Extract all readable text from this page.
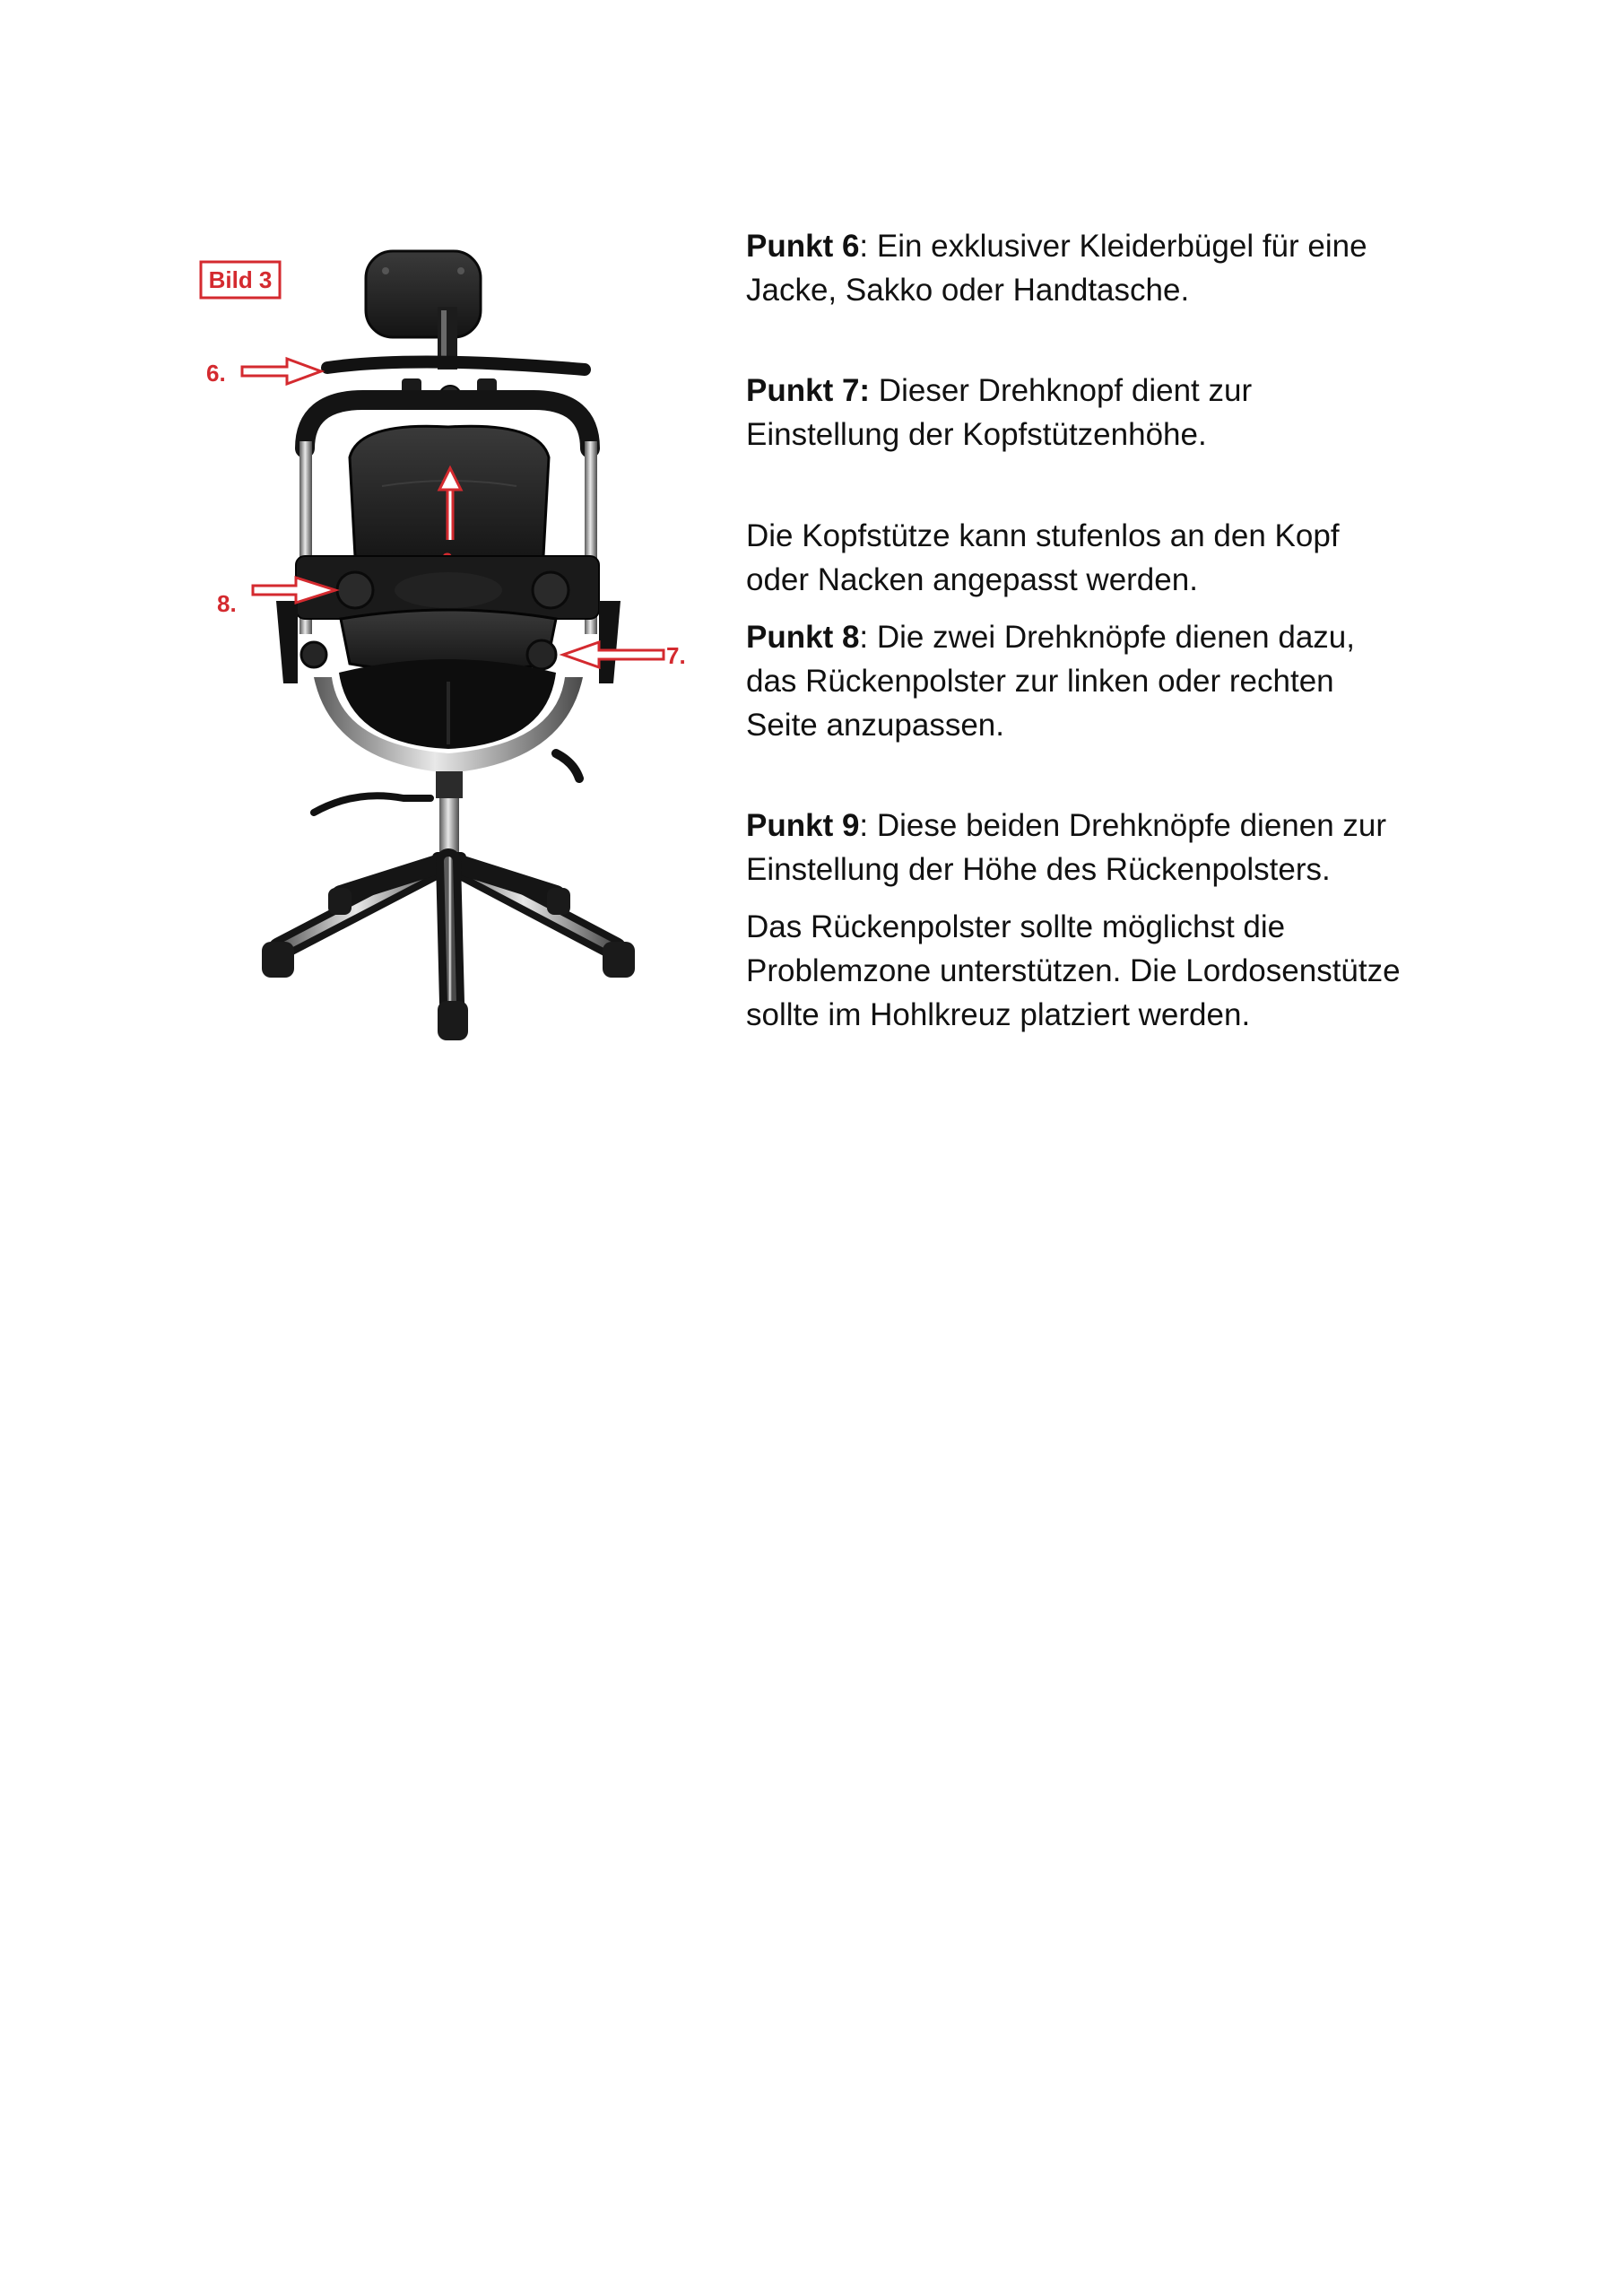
Bild 3
6.
8.
7.

Punkt 6: Ein exklusiver Kleiderbügel für eine
Jacke, Sakko oder Handtasche.

Punkt 7: Dieser Drehknopf dient zur
Einstellung der Kopfstützenhöhe.

Die Kopfstütze kann stufenlos an den Kopf
oder Nacken angepasst werden.

Punkt 8: Die zwei Drehknöpfe dienen dazu,
das Rückenpolster zur linken oder rechten
Seite anzupassen.

Punkt 9: Diese beiden Drehknöpfe dienen zur
Einstellung der Höhe des Rückenpolsters.

Das Rückenpolster sollte möglichst die
Problemzone unterstützen. Die Lordosenstütze
sollte im Hohlkreuz platziert werden.
